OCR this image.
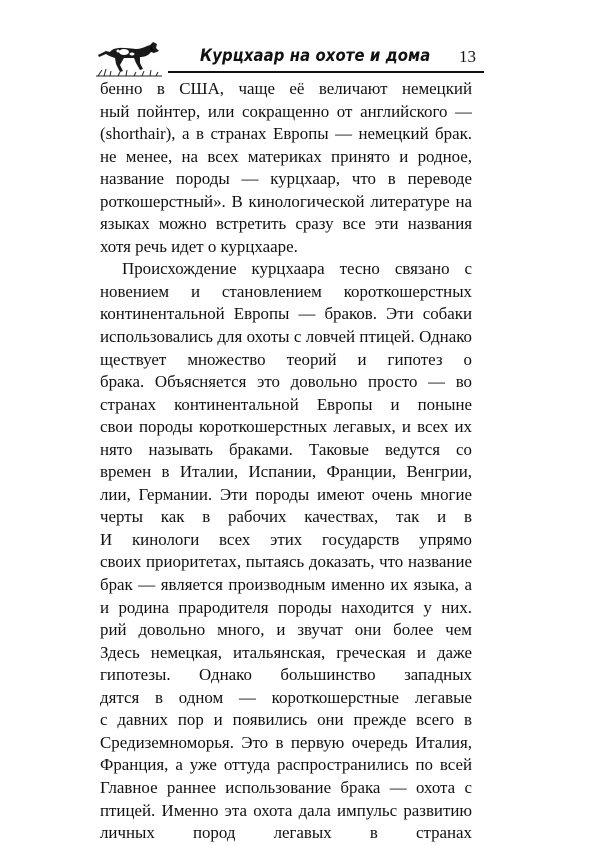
Курцхаар на охоте и дома 13
бенно в США, чаще её величают немецкий
ный пойнтер, или сокращенно от английского —
(shorthair), а в странах Европы — немецкий брак.
не менее, на всех материках принято и родное,
название породы — курцхаар, что в переводе
роткошерстный». В кинологической литературе на
языках можно встретить сразу все эти названия
хотя речь идет о курцхааре.
Происхождение курцхаара тесно связано с
новением и становлением короткошерстных
континентальной Европы — браков. Эти собаки
использовались для охоты с ловчей птицей. Однако
ществует множество теорий и гипотез о
брака. Объясняется это довольно просто — во
странах континентальной Европы и поныне
свои породы короткошерстных легавых, и всех их
нято называть браками. Таковые ведутся со
времен в Италии, Испании, Франции, Венгрии,
лии, Германии. Эти породы имеют очень многие
черты как в рабочих качествах, так и в
И кинологи всех этих государств упрямо
своих приоритетах, пытаясь доказать, что название
брак — является производным именно их языка, а
и родина прародителя породы находится у них.
рий довольно много, и звучат они более чем
Здесь немецкая, итальянская, греческая и даже
гипотезы. Однако большинство западных
дятся в одном — короткошерстные легавые
с давних пор и появились они прежде всего в
Средиземноморья. Это в первую очередь Италия,
Франция, а уже оттуда распространились по всей
Главное раннее использование брака — охота с
птицей. Именно эта охота дала импульс развитию
личных пород легавых в странах
